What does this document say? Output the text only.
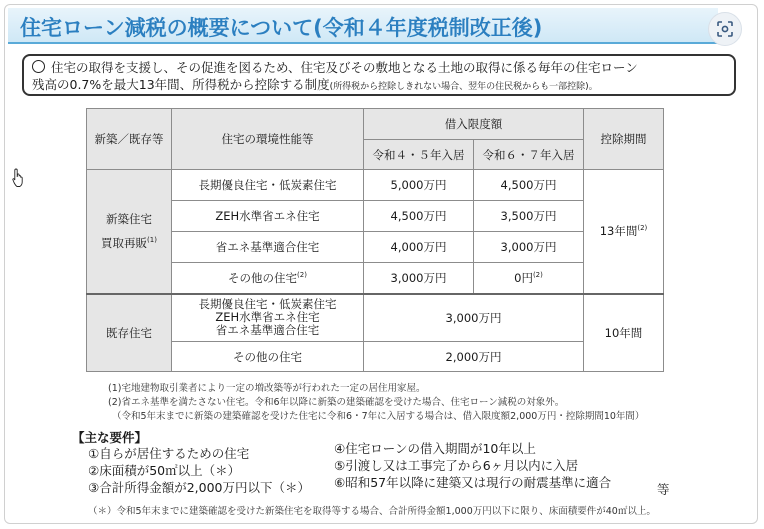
住宅ローン減税の概要について(令和４年度税制改正後)
住宅の取得を支援し、その促進を図るため、住宅及びその敷地となる土地の取得に係る毎年の住宅ローン
残高の0.7%を最大13年間、所得税から控除する制度(所得税から控除しきれない場合、翌年の住民税からも一部控除)。
新築／既存等	住宅の環境性能等	借入限度額		控除期間
		令和４・５年入居	令和６・７年入居	

新築住宅
買取再販$^{(1)}$	長期優良住宅・低炭素住宅	5,000万円	4,500万円	13年間$^{(2)}$
	ZEH水準省エネ住宅	4,500万円	3,500万円	
	省エネ基準適合住宅	4,000万円	3,000万円	
	その他の住宅$^{(2)}$	3,000万円	0円$^{(2)}$
既存住宅	長期優良住宅・低炭素住宅
ZEH水準省エネ住宅
省エネ基準適合住宅	3,000万円		10年間
	その他の住宅	2,000万円		
(1)宅地建物取引業者により一定の増改築等が行われた一定の居住用家屋。
(2)省エネ基準を満たさない住宅。令和6年以降に新築の建築確認を受けた場合、住宅ローン減税の対象外。
（令和5年末までに新築の建築確認を受けた住宅に令和6・7年に入居する場合は、借入限度額2,000万円・控除期間10年間）
【主な要件】
①自らが居住するための住宅
②床面積が50㎡以上（＊）
③合計所得金額が2,000万円以下（＊）
④住宅ローンの借入期間が10年以上
⑤引渡し又は工事完了から6ヶ月以内に入居
⑥昭和57年以降に建築又は現行の耐震基準に適合	等
（＊）令和5年末までに建築確認を受けた新築住宅を取得等する場合、合計所得金額1,000万円以下に限り、床面積要件が40㎡以上。
